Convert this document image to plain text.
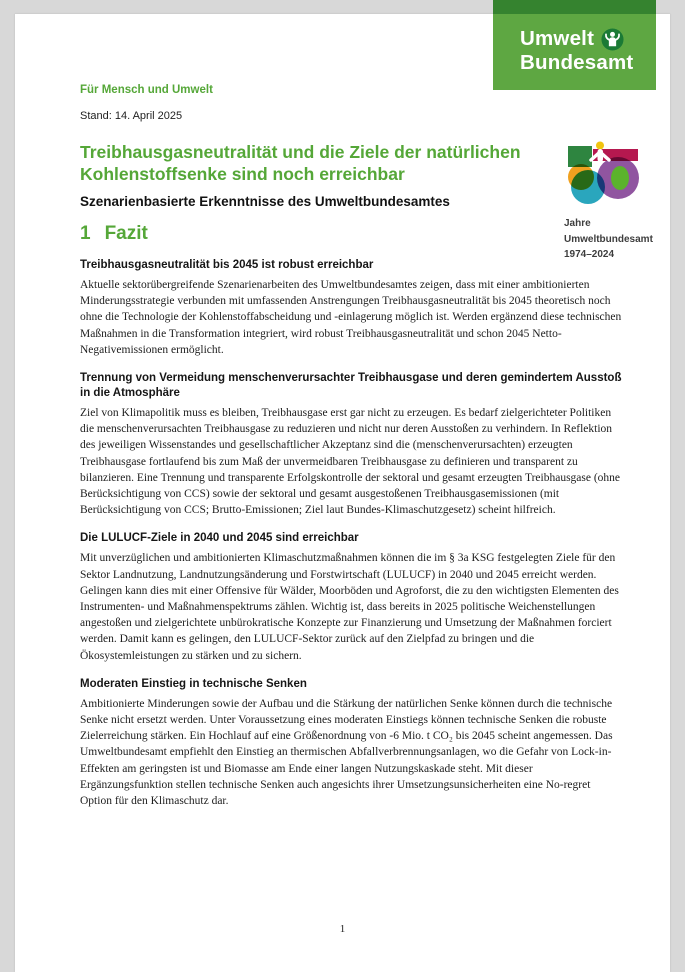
Für Mensch und Umwelt
Stand: 14. April 2025
Treibhausgasneutralität und die Ziele der natürlichen Kohlenstoffsenke sind noch erreichbar
Szenarienbasierte Erkenntnisse des Umweltbundesamtes
1 Fazit	Jahre
Umweltbundesamt
1974–2024
Treibhausgasneutralität bis 2045 ist robust erreichbar

Aktuelle sektorübergreifende Szenarienarbeiten des Umweltbundesamtes zeigen, dass mit einer ambitionierten Minderungsstrategie verbunden mit umfassenden Anstrengungen Treibhausgasneutralität bis 2045 theoretisch noch ohne die Technologie der Kohlenstoffabscheidung und -einlagerung möglich ist. Werden ergänzend diese technischen Maßnahmen in die Transformation integriert, wird robust Treibhausgasneutralität und schon 2045 Netto-Negativemissionen ermöglicht.

Trennung von Vermeidung menschenverursachter Treibhausgase und deren gemindertem Ausstoß in die Atmosphäre

Ziel von Klimapolitik muss es bleiben, Treibhausgase erst gar nicht zu erzeugen. Es bedarf zielgerichteter Politiken die menschenverursachten Treibhausgase zu reduzieren und nicht nur deren Ausstoßen zu verhindern. In Reflektion des jeweiligen Wissenstandes und gesellschaftlicher Akzeptanz sind die (menschenverursachten) erzeugten Treibhausgase fortlaufend bis zum Maß der unvermeidbaren Treibhausgase zu definieren und transparent zu bilanzieren. Eine Trennung und transparente Erfolgskontrolle der sektoral und gesamt erzeugten Treibhausgase (ohne Berücksichtigung von CCS) sowie der sektoral und gesamt ausgestoßenen Treibhausgasemissionen (mit Berücksichtigung von CCS; Brutto-Emissionen; Ziel laut Bundes-Klimaschutzgesetz) scheint hilfreich.

Die LULUCF-Ziele in 2040 und 2045 sind erreichbar

Mit unverzüglichen und ambitionierten Klimaschutzmaßnahmen können die im § 3a KSG festgelegten Ziele für den Sektor Landnutzung, Landnutzungsänderung und Forstwirtschaft (LULUCF) in 2040 und 2045 erreicht werden. Gelingen kann dies mit einer Offensive für Wälder, Moorböden und Agroforst, die zu den wichtigsten Elementen des Instrumenten- und Maßnahmenspektrums zählen. Wichtig ist, dass bereits in 2025 politische Weichenstellungen angestoßen und zielgerichtete unbürokratische Konzepte zur Finanzierung und Umsetzung der Maßnahmen forciert werden. Damit kann es gelingen, den LULUCF-Sektor zurück auf den Zielpfad zu bringen und die Ökosystemleistungen zu stärken und zu sichern.

Moderaten Einstieg in technische Senken

Ambitionierte Minderungen sowie der Aufbau und die Stärkung der natürlichen Senke können durch die technische Senke nicht ersetzt werden. Unter Voraussetzung eines moderaten Einstiegs können technische Senken die robuste Zielerreichung stärken. Ein Hochlauf auf eine Größenordnung von -6 Mio. t CO₂ bis 2045 scheint angemessen. Das Umweltbundesamt empfiehlt den Einstieg an thermischen Abfallverbrennungsanlagen, wo die Gefahr von Lock-in-Effekten am geringsten ist und Biomasse am Ende einer langen Nutzungskaskade steht. Mit dieser Ergänzungsfunktion stellen technische Senken auch angesichts ihrer Umsetzungsunsicherheiten eine No-regret Option für den Klimaschutz dar.

1
Umwelt
Bundesamt
